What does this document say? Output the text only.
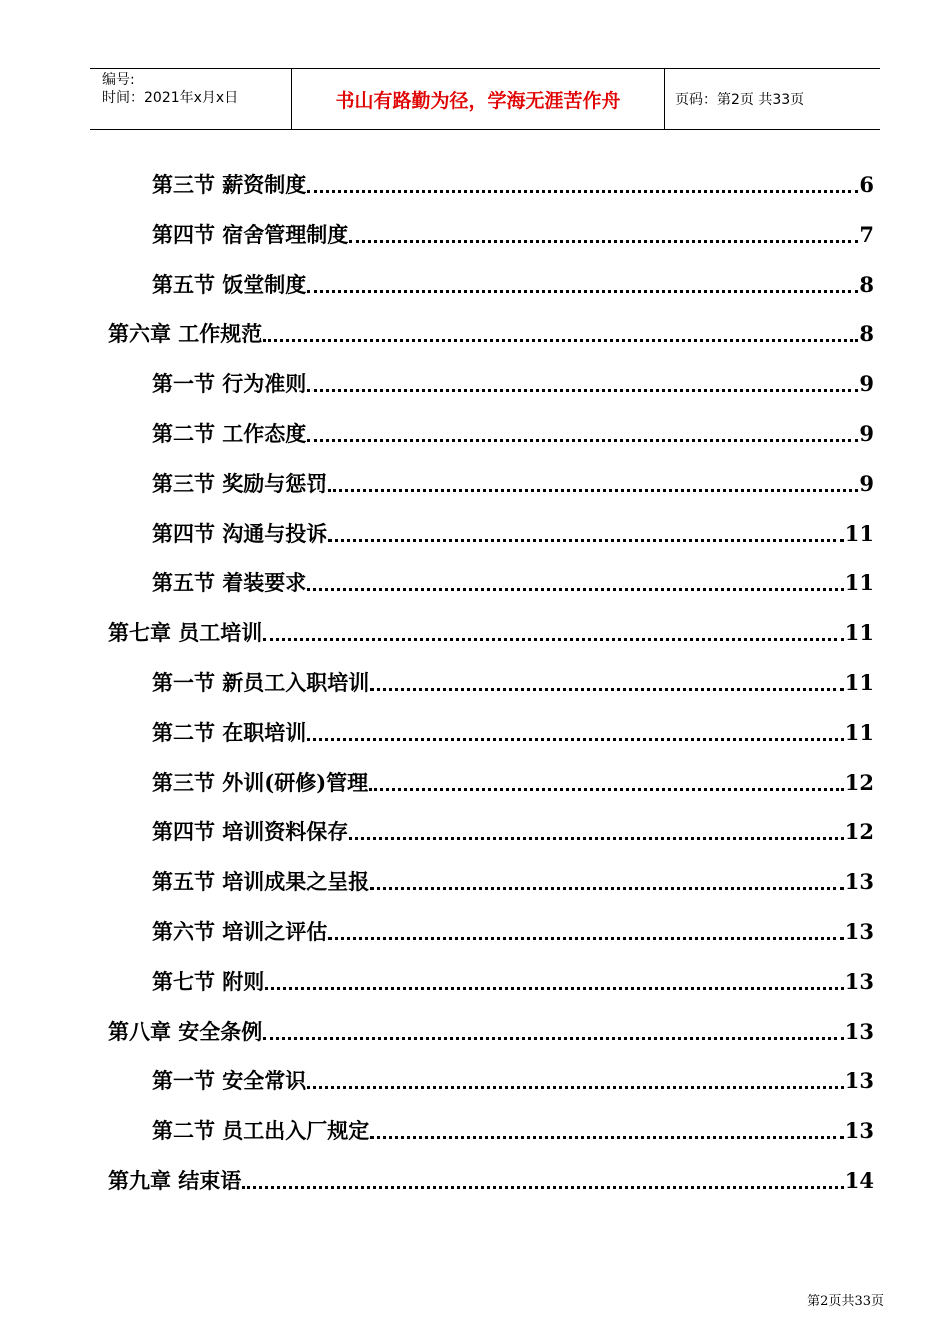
编号:
时间：2021年x月x日	书山有路勤为径，学海无涯苦作舟	页码：第2页 共33页
第三节 薪资制度	6
第四节 宿舍管理制度	7
第五节 饭堂制度	8
第六章 工作规范	8
第一节 行为准则	9
第二节 工作态度	9
第三节 奖励与惩罚	9
第四节 沟通与投诉	11
第五节 着装要求	11
第七章 员工培训	11
第一节 新员工入职培训	11
第二节 在职培训	11
第三节 外训(研修)管理	12
第四节 培训资料保存	12
第五节 培训成果之呈报	13
第六节 培训之评估	13
第七节 附则	13
第八章 安全条例	13
第一节 安全常识	13
第二节 员工出入厂规定	13
第九章 结束语	14
第2页共33页
